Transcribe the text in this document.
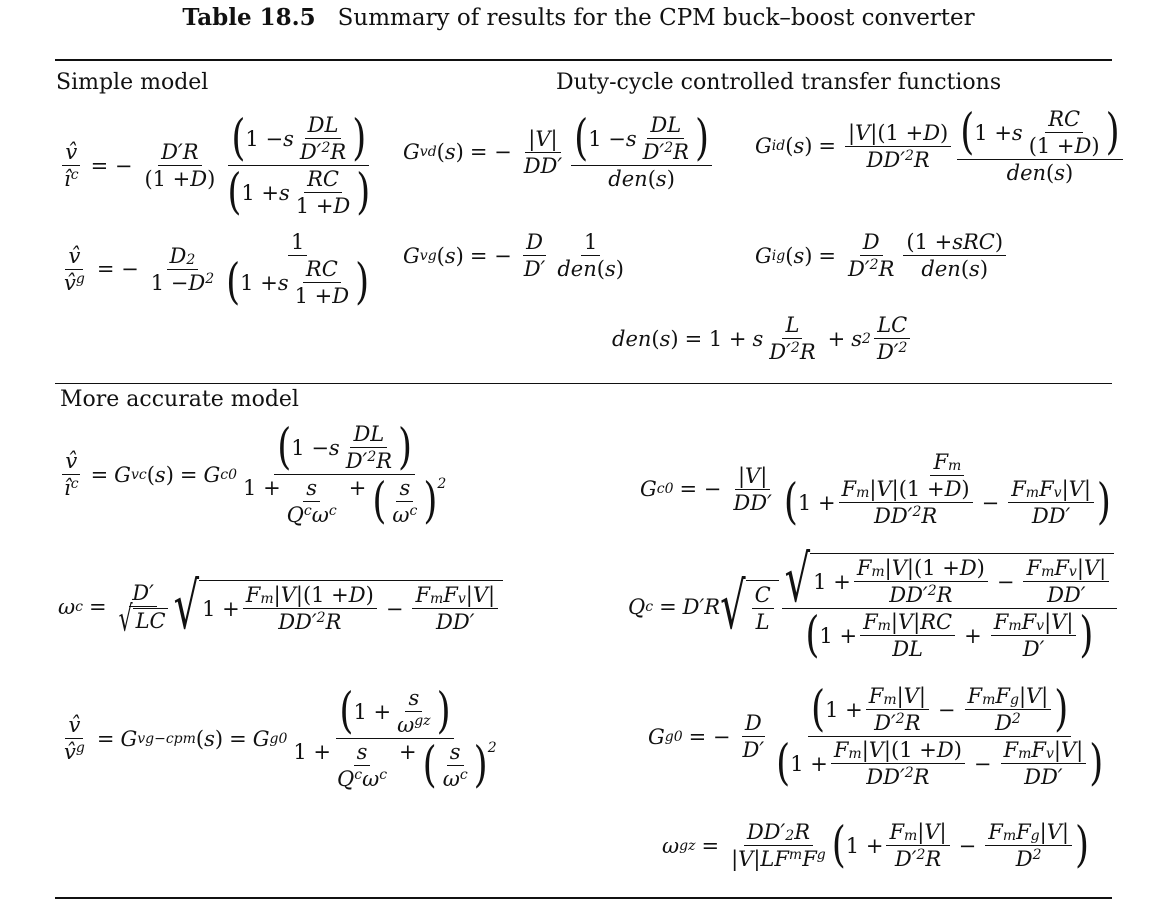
Table 18.5 Summary of results for the CPM buck–boost converter
Simple model	Duty-cycle controlled transfer functions
More accurate model
$\frac{v̂}{\text{î c}}$ = − $\frac{D'R}{(1 + D )} \frac{( 1 - s \frac{DL}{D' 2 R} )}{( 1 + s \frac{RC}{1 + D} )}$
$\frac{v̂}{v̂ g}$ = − $\frac{D 2}{1 - D 2} \frac{1}{( 1 + s \frac{RC}{1 + D} )}$
G vd ( s ) = − $\frac{|V|}{DD'} \frac{( 1 - s \frac{DL}{D' 2 R} )}{\text{den ( s )}}$ G id ( s ) = $\frac{|V| (1 + D )}{DD' 2 R} \frac{( 1 + s \frac{RC}{(1 + D )} )}{\text{den ( s )}}$
G vg ( s ) = − $\frac{D}{D'} \frac{1}{\text{den ( s )}}$	G ig ( s ) = $\frac{D}{D' 2 R} \frac{\text{(1 + sRC )}}{\text{den ( s )}}$
den ( s ) = 1 + s $\frac{L}{D' 2 R} + s$ $2 \frac{LC}{D' 2}$
$\frac{v̂}{\text{î c}} = G$ vc ( s ) = G $c0 \frac{( 1 - s \frac{DL}{D' 2 R} )}{1 + \frac{s}{\text{Q c ω c}} + ( \frac{s}{\text{ω c}} )^2}$	G c0 = − $\frac{|V|}{DD'} \frac{\text{F m}}{( 1 + \frac{\text{F m |V| (1 + D )}}{DD' 2 R} - \frac{\text{F m F v |V|}}{DD'} )}$
ω $c = \frac{D'}{√ LC}$ √ $1 + \frac{\text{F m |V| (1 + D )}}{DD' 2 R} - \frac{\text{F m F v |V|}}{DD'}$	Q c = D′R √ $\frac{C}{L} \frac{√ 1 + \frac{\text{F m |V| (1 + D )}}{DD' 2 R} - \frac{\text{F m F v |V|}}{DD'}}{( 1 + \frac{\text{F m |V|RC}}{DL} + \frac{\text{F m F v |V|}}{D'} )}$
$\frac{v̂}{v̂ g} = G$ vg−cpm ( s ) = G $g0 \frac{( 1 + \frac{s}{\text{ω gz}} )}{1 + \frac{s}{\text{Q c ω c}} + ( \frac{s}{\text{ω c}} )^2}$	G g0 = − $\frac{D}{D'} \frac{( 1 + \frac{\text{F m |V|}}{D' 2 R} - \frac{\text{F m F g |V|}}{D 2} )}{( 1 + \frac{\text{F m |V| (1 + D )}}{DD' 2 R} - \frac{\text{F m F v |V|}}{DD'} )}$
ω gz = $\frac{DD' 2 R}{\text{|V|LF m F g}}$ ( $1 + \frac{\text{F m |V|}}{D' 2 R} - \frac{\text{F m F g |V|}}{D 2}$ )
